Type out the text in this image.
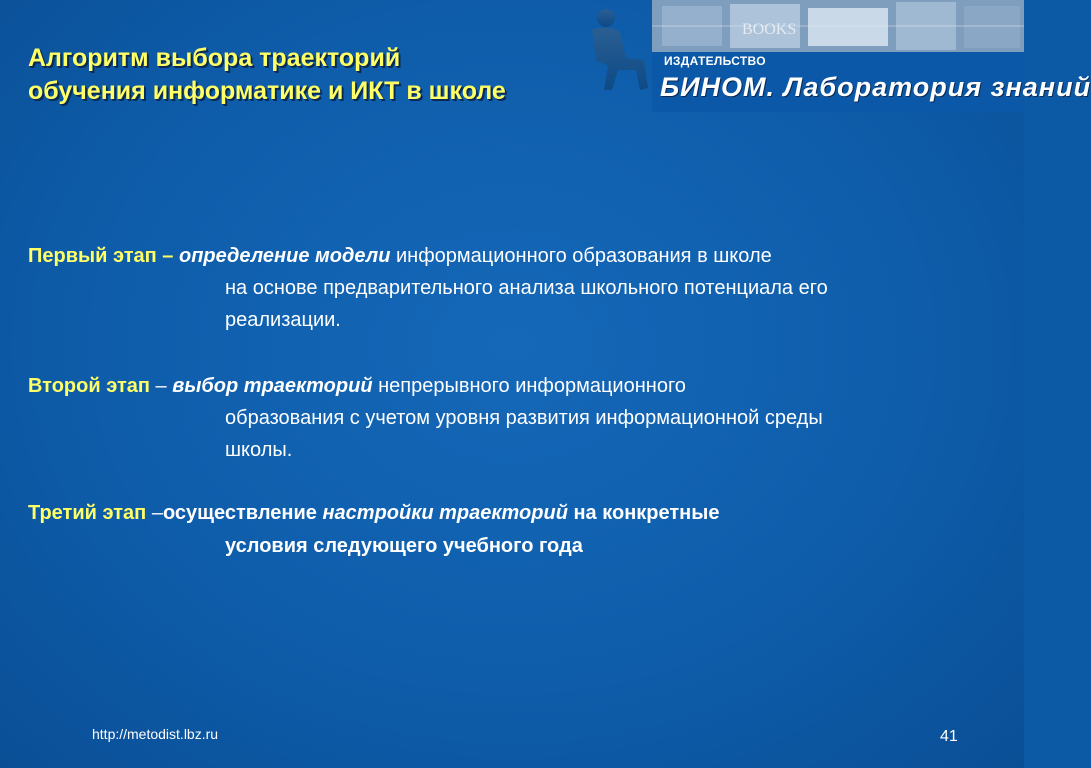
Алгоритм выбора траекторий
обучения информатике и ИКТ в школе
BOOKS
ИЗДАТЕЛЬСТВО
БИНОМ. Лаборатория знаний
Первый этап – определение модели информационного образования в школе
на основе предварительного анализа школьного потенциала его
реализации.
Второй этап – выбор траекторий непрерывного информационного
образования с учетом уровня развития информационной среды
школы.
Третий этап –осуществление настройки траекторий на конкретные
условия следующего учебного года
http://metodist.lbz.ru	41
